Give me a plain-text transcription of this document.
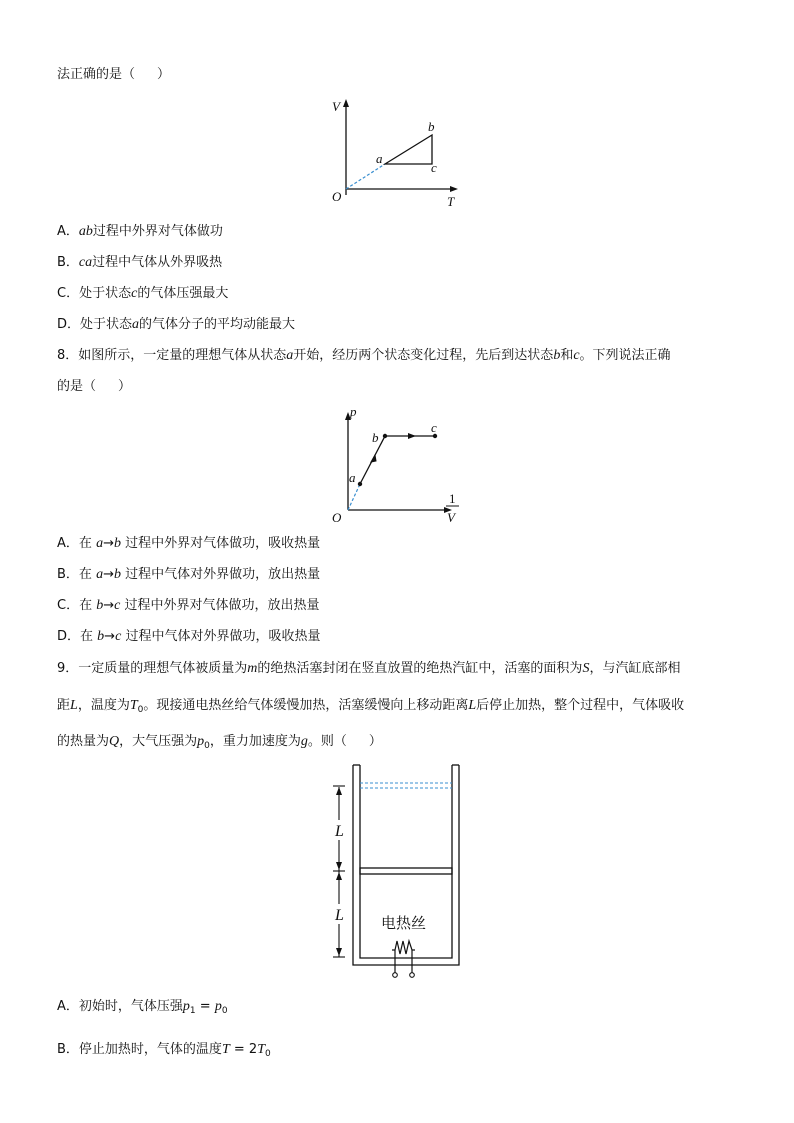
法正确的是（ ）
V
T
O
a
b
c
A．ab过程中外界对气体做功
B．ca过程中气体从外界吸热
C．处于状态c的气体压强最大
D．处于状态a的气体分子的平均动能最大
8．如图所示，一定量的理想气体从状态a开始，经历两个状态变化过程，先后到达状态b和c。下列说法正确
的是（ ）
p
1
V
O
a
b
c
A．在 a→b 过程中外界对气体做功，吸收热量
B．在 a→b 过程中气体对外界做功，放出热量
C．在 b→c 过程中外界对气体做功，放出热量
D．在 b→c 过程中气体对外界做功，吸收热量
9．一定质量的理想气体被质量为m的绝热活塞封闭在竖直放置的绝热汽缸中，活塞的面积为S，与汽缸底部相
距L，温度为$T_0$。现接通电热丝给气体缓慢加热，活塞缓慢向上移动距离L后停止加热，整个过程中，气体吸收
的热量为Q，大气压强为$p_0$，重力加速度为g。则（ ）
L
L 电热丝
A．初始时，气体压强$p_1 = p_0$
B．停止加热时，气体的温度$T = 2T_0$
